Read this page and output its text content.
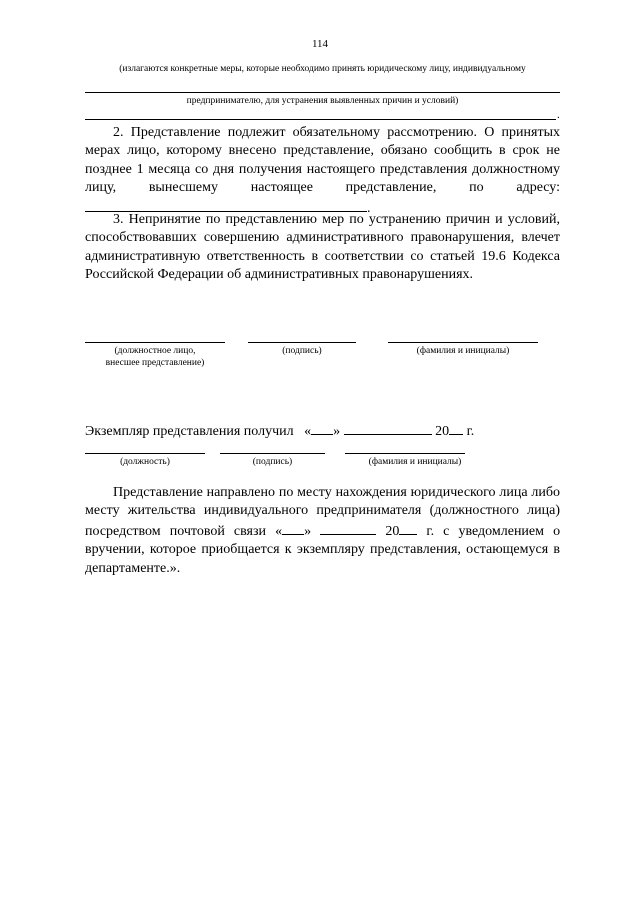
114
(излагаются конкретные меры, которые необходимо принять юридическому лицу, индивидуальному
предпринимателю, для устранения выявленных причин и условий)
.
2. Представление подлежит обязательному рассмотрению. О принятых мерах лицо, которому внесено представление, обязано сообщить в срок не позднее 1 месяца со дня получения настоящего представления должностному лицу, вынесшему настоящее представление, по адресу: .
3. Непринятие по представлению мер по устранению причин и условий, способствовавших совершению административного правонарушения, влечет административную ответственность в соответствии со статьей 19.6 Кодекса Российской Федерации об административных правонарушениях.
(должностное лицо,
внесшее представление)
(подпись)	(фамилия и инициалы)
Экземпляр представления получил « »	20 г.
(должность)	(подпись)	(фамилия и инициалы)
Представление направлено по месту нахождения юридического лица либо месту жительства индивидуального предпринимателя (должностного лица) посредством почтовой связи « »	20 г. с уведомлением о вручении, которое приобщается к экземпляру представления, остающемуся в департаменте.».
